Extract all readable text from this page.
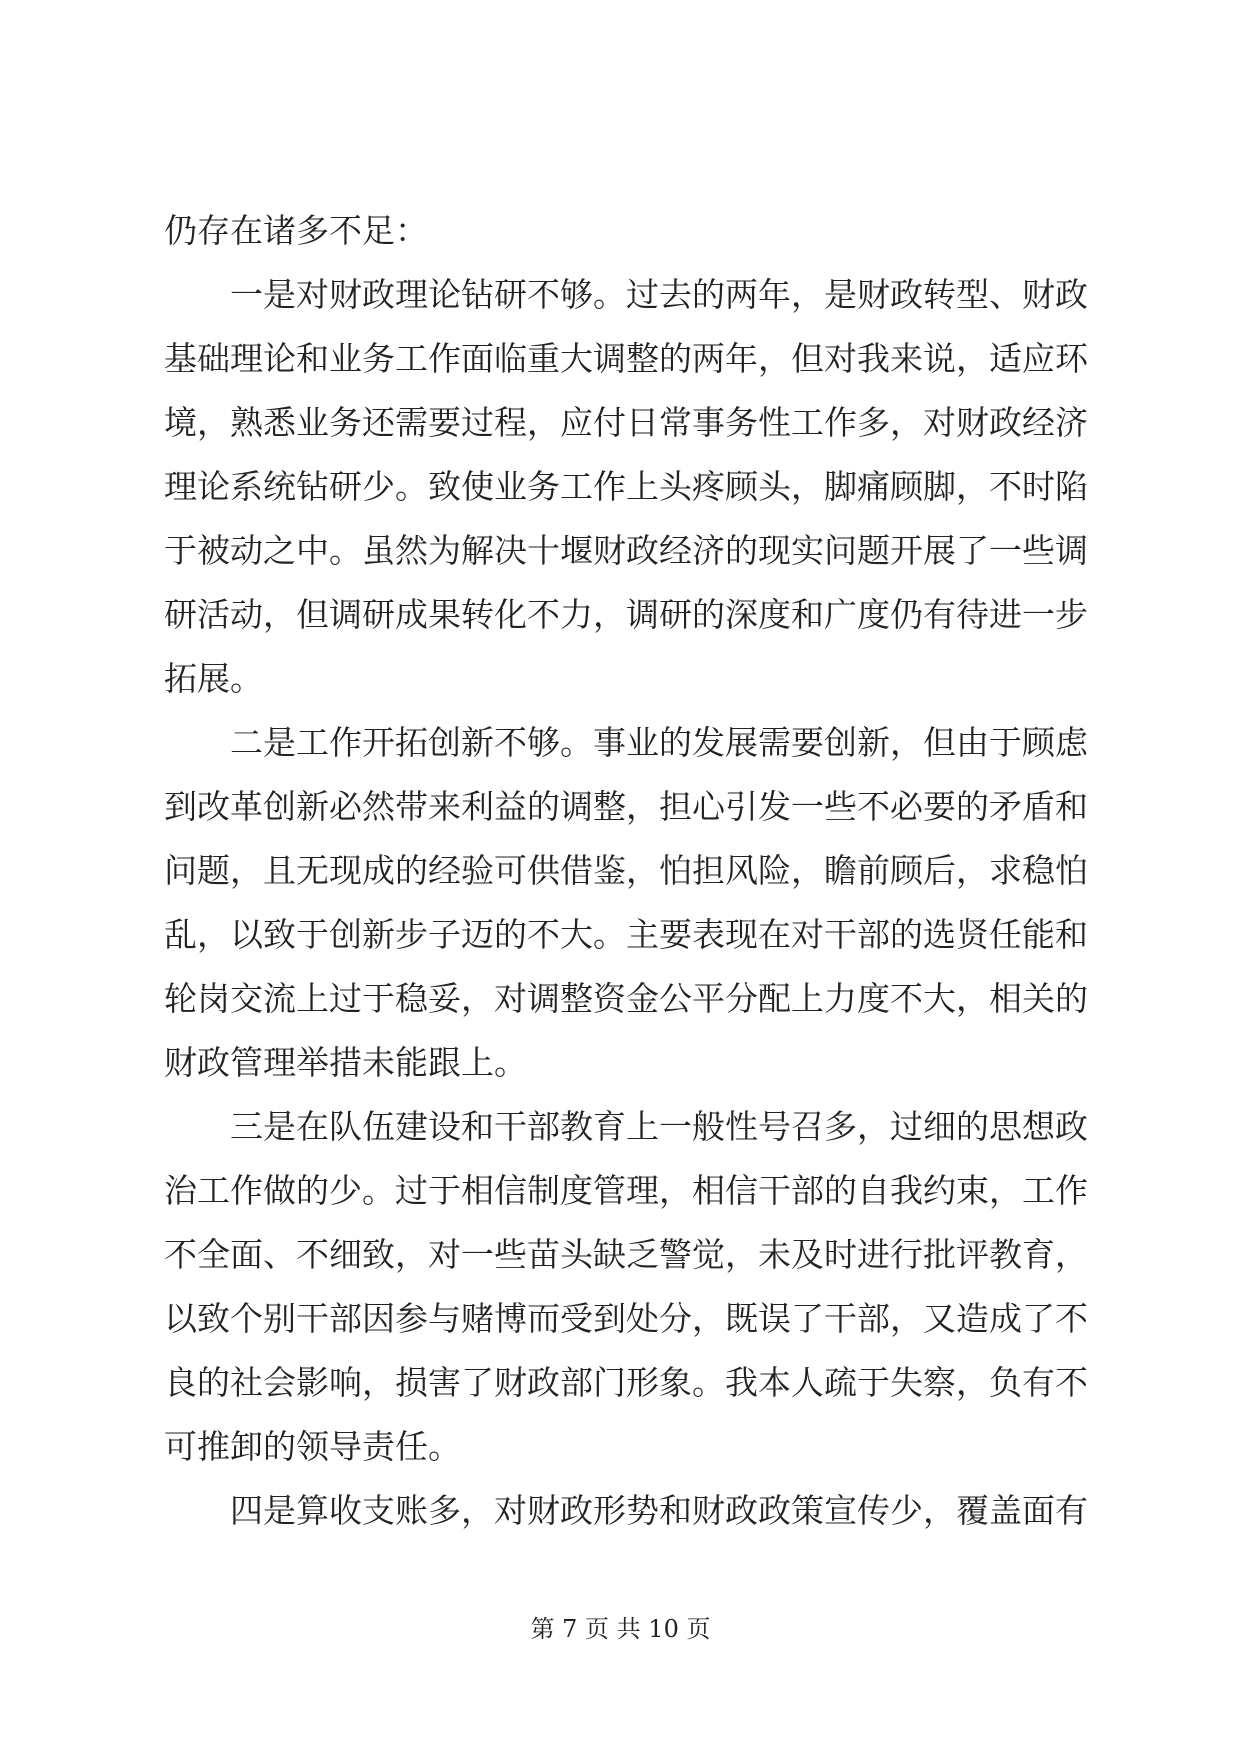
仍存在诸多不足：
一是对财政理论钻研不够。过去的两年，是财政转型、财政
基础理论和业务工作面临重大调整的两年，但对我来说，适应环
境，熟悉业务还需要过程，应付日常事务性工作多，对财政经济
理论系统钻研少。致使业务工作上头疼顾头，脚痛顾脚，不时陷
于被动之中。虽然为解决十堰财政经济的现实问题开展了一些调
研活动，但调研成果转化不力，调研的深度和广度仍有待进一步
拓展。
二是工作开拓创新不够。事业的发展需要创新，但由于顾虑
到改革创新必然带来利益的调整，担心引发一些不必要的矛盾和
问题，且无现成的经验可供借鉴，怕担风险，瞻前顾后，求稳怕
乱，以致于创新步子迈的不大。主要表现在对干部的选贤任能和
轮岗交流上过于稳妥，对调整资金公平分配上力度不大，相关的
财政管理举措未能跟上。
三是在队伍建设和干部教育上一般性号召多，过细的思想政
治工作做的少。过于相信制度管理，相信干部的自我约束，工作
不全面、不细致，对一些苗头缺乏警觉，未及时进行批评教育，
以致个别干部因参与赌博而受到处分，既误了干部，又造成了不
良的社会影响，损害了财政部门形象。我本人疏于失察，负有不
可推卸的领导责任。
四是算收支账多，对财政形势和财政政策宣传少，覆盖面有
第 7 页 共 10 页
